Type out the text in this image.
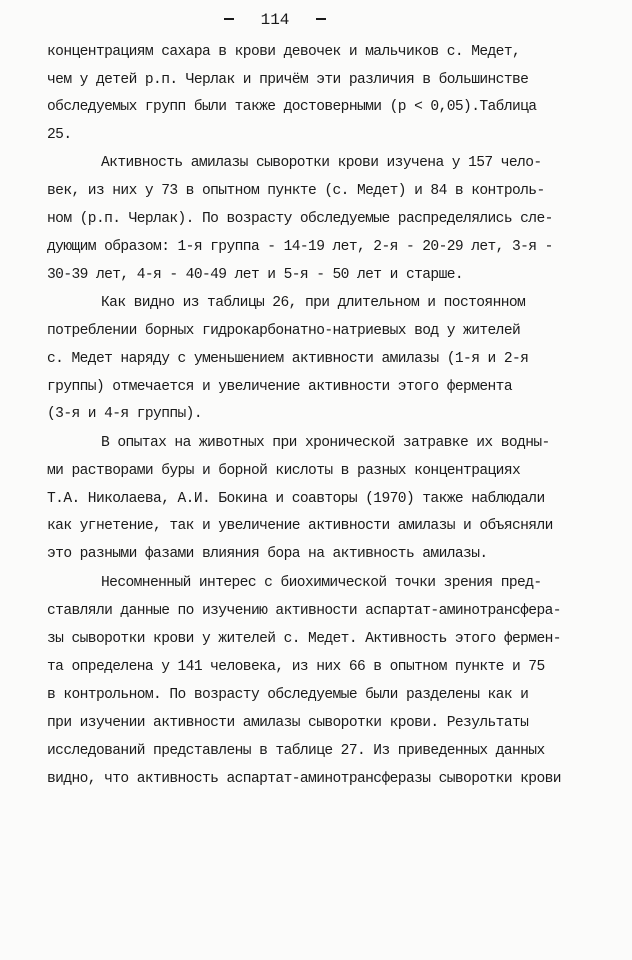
114
концентрациям сахара в крови девочек и мальчиков с. Медет,
чем у детей р.п. Черлак и причём эти различия в большинстве
обследуемых групп были также достоверными (р < 0,05).Таблица
25.
Активность амилазы сыворотки крови изучена у 157 чело-
век, из них у 73 в опытном пункте (с. Медет) и 84 в контроль-
ном (р.п. Черлак). По возрасту обследуемые распределялись сле-
дующим образом: 1-я группа - 14-19 лет, 2-я - 20-29 лет, 3-я -
30-39 лет, 4-я - 40-49 лет и 5-я - 50 лет и старше.
Как видно из таблицы 26, при длительном и постоянном
потреблении борных гидрокарбонатно-натриевых вод у жителей
с. Медет наряду с уменьшением активности амилазы (1-я и 2-я
группы) отмечается и увеличение активности этого фермента
(3-я и 4-я группы).
В опытах на животных при хронической затравке их водны-
ми растворами буры и борной кислоты в разных концентрациях
Т.А. Николаева, А.И. Бокина и соавторы (1970) также наблюдали
как угнетение, так и увеличение активности амилазы и объясняли
это разными фазами влияния бора на активность амилазы.
Несомненный интерес с биохимической точки зрения пред-
ставляли данные по изучению активности аспартат-аминотрансфера-
зы сыворотки крови у жителей с. Медет. Активность этого фермен-
та определена у 141 человека, из них 66 в опытном пункте и 75
в контрольном. По возрасту обследуемые были разделены как и
при изучении активности амилазы сыворотки крови. Результаты
исследований представлены в таблице 27. Из приведенных данных
видно, что активность аспартат-аминотрансферазы сыворотки крови
